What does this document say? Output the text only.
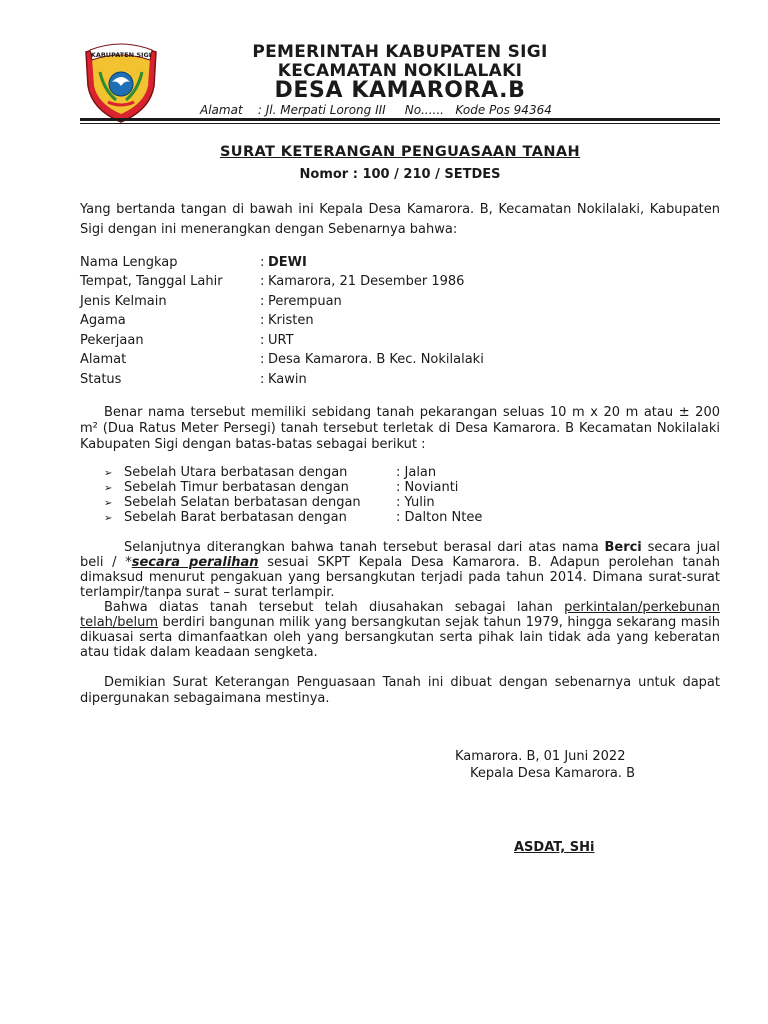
KABUPATEN SIGI	PEMERINTAH KABUPATEN SIGI
KECAMATAN NOKILALAKI
DESA KAMARORA.B
Alamat    : Jl. Merpati Lorong III     No......   Kode Pos 94364
SURAT KETERANGAN PENGUASAAN TANAH
Nomor : 100 / 210 / SETDES
Yang bertanda tangan di bawah ini Kepala Desa Kamarora. B, Kecamatan Nokilalaki, Kabupaten Sigi dengan ini menerangkan dengan Sebenarnya bahwa:
Nama Lengkap	: DEWI
Tempat, Tanggal Lahir	: Kamarora, 21 Desember 1986
Jenis Kelmain	: Perempuan
Agama	: Kristen
Pekerjaan	: URT
Alamat	: Desa Kamarora. B Kec. Nokilalaki
Status	: Kawin
Benar nama tersebut memiliki sebidang tanah pekarangan seluas 10 m x 20 m atau ± 200 m² (Dua Ratus Meter Persegi) tanah tersebut terletak di Desa Kamarora. B Kecamatan Nokilalaki Kabupaten Sigi dengan batas-batas sebagai berikut :
➢ Sebelah Utara berbatasan dengan	: Jalan
➢ Sebelah Timur berbatasan dengan	: Novianti
➢ Sebelah Selatan berbatasan dengan	: Yulin
➢ Sebelah Barat berbatasan dengan	: Dalton Ntee
Selanjutnya diterangkan bahwa tanah tersebut berasal dari atas nama Berci secara jual beli / *secara peralihan sesuai SKPT Kepala Desa Kamarora. B. Adapun perolehan tanah dimaksud menurut pengakuan yang bersangkutan terjadi pada tahun 2014. Dimana surat-surat terlampir/tanpa surat – surat terlampir.
Bahwa diatas tanah tersebut telah diusahakan sebagai lahan perkintalan/perkebunan telah/belum berdiri bangunan milik yang bersangkutan sejak tahun 1979, hingga sekarang masih dikuasai serta dimanfaatkan oleh yang bersangkutan serta pihak lain tidak ada yang keberatan atau tidak dalam keadaan sengketa.
Demikian Surat Keterangan Penguasaan Tanah ini dibuat dengan sebenarnya untuk dapat dipergunakan sebagaimana mestinya.
Kamarora. B, 01 Juni 2022
Kepala Desa Kamarora. B
ASDAT, SHi
